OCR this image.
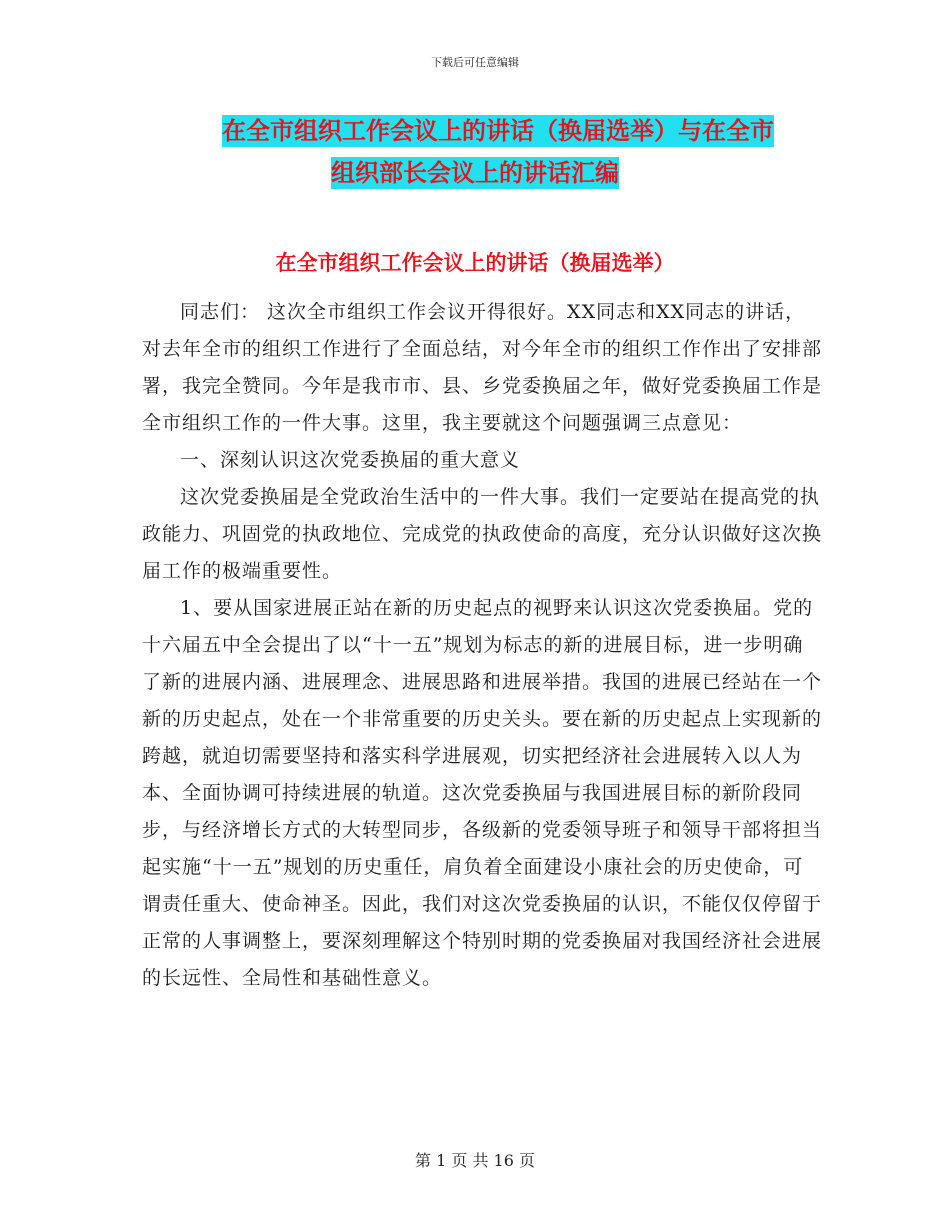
下载后可任意编辑
在全市组织工作会议上的讲话（换届选举）与在全市
组织部长会议上的讲话汇编
在全市组织工作会议上的讲话（换届选举）

同志们： 这次全市组织工作会议开得很好。XX同志和XX同志的讲话，对去年全市的组织工作进行了全面总结，对今年全市的组织工作作出了安排部署，我完全赞同。今年是我市市、县、乡党委换届之年，做好党委换届工作是全市组织工作的一件大事。这里，我主要就这个问题强调三点意见：

一、深刻认识这次党委换届的重大意义

这次党委换届是全党政治生活中的一件大事。我们一定要站在提高党的执政能力、巩固党的执政地位、完成党的执政使命的高度，充分认识做好这次换届工作的极端重要性。

1、要从国家进展正站在新的历史起点的视野来认识这次党委换届。党的十六届五中全会提出了以“十一五”规划为标志的新的进展目标，进一步明确了新的进展内涵、进展理念、进展思路和进展举措。我国的进展已经站在一个新的历史起点，处在一个非常重要的历史关头。要在新的历史起点上实现新的跨越，就迫切需要坚持和落实科学进展观，切实把经济社会进展转入以人为本、全面协调可持续进展的轨道。这次党委换届与我国进展目标的新阶段同步，与经济增长方式的大转型同步，各级新的党委领导班子和领导干部将担当起实施“十一五”规划的历史重任，肩负着全面建设小康社会的历史使命，可谓责任重大、使命神圣。因此，我们对这次党委换届的认识，不能仅仅停留于正常的人事调整上，要深刻理解这个特别时期的党委换届对我国经济社会进展的长远性、全局性和基础性意义。

第 1 页 共 16 页
